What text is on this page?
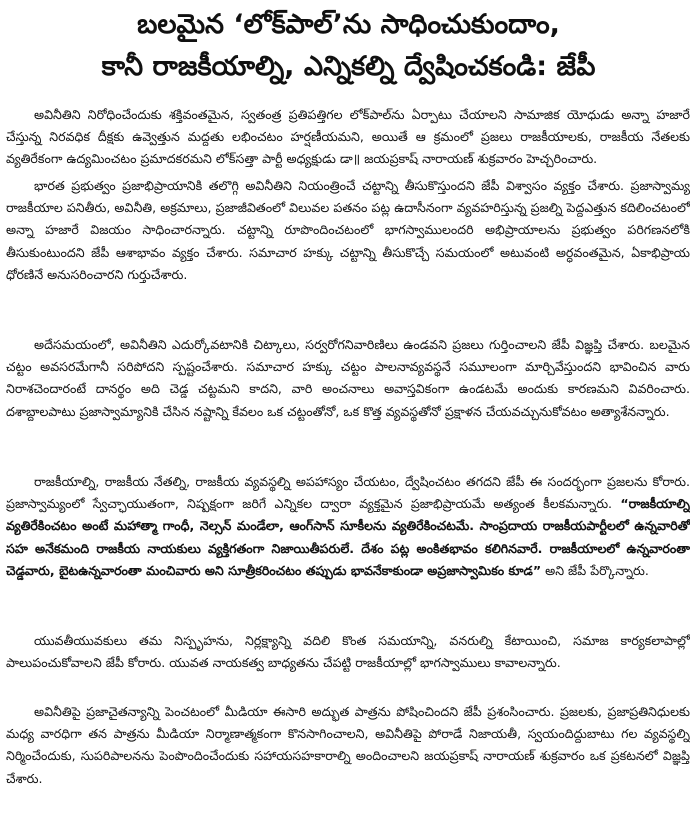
బలమైన ‘లోక్‌పాల్’ను సాధించుకుందాం,
కానీ రాజకీయాల్ని, ఎన్నికల్ని ద్వేషించకండి: జేపీ

అవినీతిని నిరోధించేందుకు శక్తివంతమైన, స్వతంత్ర ప్రతిపత్తిగల లోక్‌పాల్‌ను ఏర్పాటు చేయాలని సామాజిక యోధుడు అన్నా హజారే చేస్తున్న నిరవధిక దీక్షకు ఉవ్వెత్తున మద్దతు లభించటం హర్షణీయమని, అయితే ఆ క్రమంలో ప్రజలు రాజకీయాలకు, రాజకీయ నేతలకు వ్యతిరేకంగా ఉద్యమించటం ప్రమాదకరమని లోక్‌సత్తా పార్టీ అధ్యక్షుడు డా॥ జయప్రకాష్ నారాయణ్ శుక్రవారం హెచ్చరించారు.

భారత ప్రభుత్వం ప్రజాభిప్రాయానికి తలొగ్గి అవినీతిని నియంత్రించే చట్టాన్ని తీసుకొస్తుందని జేపీ విశ్వాసం వ్యక్తం చేశారు. ప్రజాస్వామ్య రాజకీయాల పనితీరు, అవినీతి, అక్రమాలు, ప్రజాజీవితంలో విలువల పతనం పట్ల ఉదాసీనంగా వ్యవహరిస్తున్న ప్రజల్ని పెద్దఎత్తున కదిలించటంలో అన్నా హజారే విజయం సాధించారన్నారు. చట్టాన్ని రూపొందించటంలో భాగస్వాములందరి అభిప్రాయాలను ప్రభుత్వం పరిగణనలోకి తీసుకుంటుందని జేపీ ఆశాభావం వ్యక్తం చేశారు. సమాచార హక్కు చట్టాన్ని తీసుకొచ్చే సమయంలో అటువంటి అర్ధవంతమైన, ఏకాభిప్రాయ ధోరణినే అనుసరించారని గుర్తుచేశారు.

అదేసమయంలో, అవినీతిని ఎదుర్కోవటానికి చిట్కాలు, సర్వరోగనివారిణిలు ఉండవని ప్రజలు గుర్తించాలని జేపీ విజ్ఞప్తి చేశారు. బలమైన చట్టం అవసరమేగానీ సరిపోదని స్పష్టంచేశారు. సమాచార హక్కు చట్టం పాలనావ్యవస్థనే సమూలంగా మార్చివేస్తుందని భావించిన వారు నిరాశచెందారంటే దానర్థం అది చెడ్డ చట్టమని కాదని, వారి అంచనాలు అవాస్తవికంగా ఉండటమే అందుకు కారణమని వివరించారు. దశాబ్దాలపాటు ప్రజాస్వామ్యానికి చేసిన నష్టాన్ని కేవలం ఒక చట్టంతోనో, ఒక కొత్త వ్యవస్థతోనో ప్రక్షాళన చేయవచ్చునుకోవటం అత్యాశేనన్నారు.

రాజకీయాల్ని, రాజకీయ నేతల్ని, రాజకీయ వ్యవస్థల్ని అపహాస్యం చేయటం, ద్వేషించటం తగదని జేపీ ఈ సందర్భంగా ప్రజలను కోరారు. ప్రజాస్వామ్యంలో స్వేచ్ఛాయుతంగా, నిష్పక్షంగా జరిగే ఎన్నికల ద్వారా వ్యక్తమైన ప్రజాభిప్రాయమే అత్యంత కీలకమన్నారు. “రాజకీయాల్ని వ్యతిరేకించటం అంటే మహాత్మా గాంధీ, నెల్సన్ మండేలా, ఆంగ్‌సాన్ సూకీలను వ్యతిరేకించటమే. సాంప్రదాయ రాజకీయపార్టీలలో ఉన్నవారితో సహ అనేకమంది రాజకీయ నాయకులు వ్యక్తిగతంగా నిజాయితీపరులే. దేశం పట్ల అంకితభావం కలిగినవారే. రాజకీయాలలో ఉన్నవారంతా చెడ్డవారు, బైటఉన్నవారంతా మంచివారు అని సూత్రీకరించటం తప్పుడు భావనేకాకుండా అప్రజాస్వామికం కూడ” అని జేపీ పేర్కొన్నారు.

యువతీయువకులు తమ నిస్పృహను, నిర్లక్ష్యాన్ని వదిలి కొంత సమయాన్ని, వనరుల్ని కేటాయించి, సమాజ కార్యకలాపాల్లో పాలుపంచుకోవాలని జేపీ కోరారు. యువత నాయకత్వ బాధ్యతను చేపట్టి రాజకీయాల్లో భాగస్వాములు కావాలన్నారు.

అవినీతిపై ప్రజాచైతన్యాన్ని పెంచటంలో మీడియా ఈసారి అద్భుత పాత్రను పోషించిందని జేపీ ప్రశంసించారు. ప్రజలకు, ప్రజాప్రతినిధులకు మధ్య వారధిగా తన పాత్రను మీడియా నిర్మాణాత్మకంగా కొనసాగించాలని, అవినీతిపై పోరాడే నిజాయతీ, స్వయందిద్దుబాటు గల వ్యవస్థల్ని నిర్మించేందుకు, సుపరిపాలనను పెంపొందించేందుకు సహాయసహకారాల్ని అందించాలని జయప్రకాష్ నారాయణ్ శుక్రవారం ఒక ప్రకటనలో విజ్ఞప్తి చేశారు.
